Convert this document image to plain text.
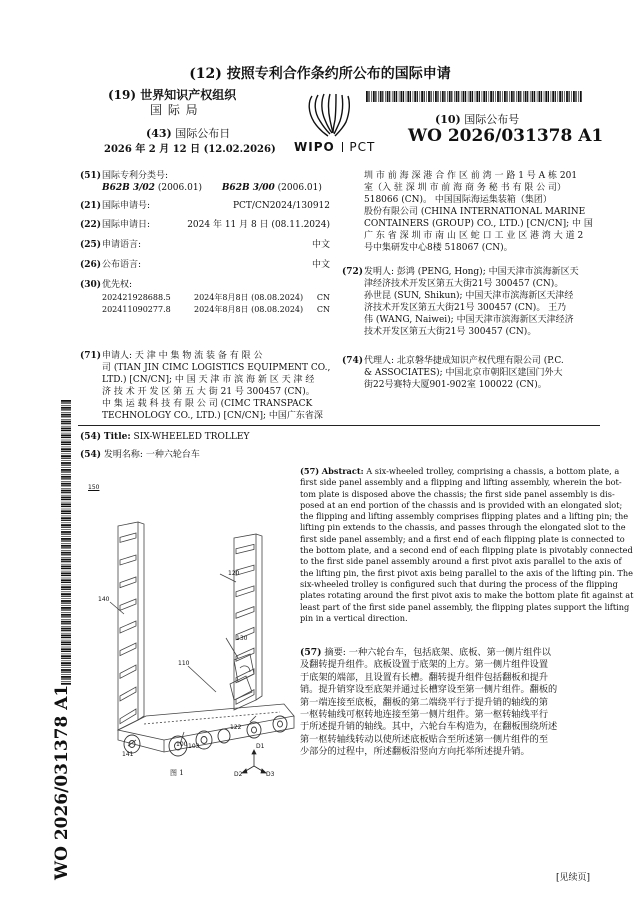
(12) 按照专利合作条约所公布的国际申请
(19) 世界知识产权组织
国 际 局
(43) 国际公布日
2026 年 2 月 12 日 (12.02.2026) WIPO PCT
(10) 国际公布号
WO 2026/031378 A1
(51) 国际专利分类号:
B62B 3/02 (2006.01) B62B 3/00 (2006.01)
(21) 国际申请号:	PCT/CN2024/130912
(22) 国际申请日:	2024 年 11 月 8 日 (08.11.2024)
(25) 申请语言:	中文
(26) 公布语言:	中文
(30) 优先权:
202421928688.5	2024年8月8日 (08.08.2024) CN
202411090277.8	2024年8月8日 (08.08.2024) CN
(71) 申请人: 天 津 中 集 物 流 装 备 有 限 公
司 (TIAN JIN CIMC LOGISTICS EQUIPMENT CO.,
LTD.) [CN/CN]; 中 国 天 津 市 滨 海 新 区 天 津 经
济 技 术 开 发 区 第 五 大 街 21 号 300457 (CN)。
中 集 运 载 科 技 有 限 公 司 (CIMC TRANSPACK
TECHNOLOGY CO., LTD.) [CN/CN]; 中国广东省深
圳 市 前 海 深 港 合 作 区 前 湾 一 路 1 号 A 栋 201
室（入 驻 深 圳 市 前 海 商 务 秘 书 有 限 公 司）
518066 (CN)。 中国国际海运集装箱（集团）
股份有限公司 (CHINA INTERNATIONAL MARINE
CONTAINERS (GROUP) CO., LTD.) [CN/CN]; 中 国
广 东 省 深 圳 市 南 山 区 蛇 口 工 业 区 港 湾 大 道 2
号中集研发中心8楼 518067 (CN)。
(72) 发明人: 彭鸿 (PENG, Hong); 中国天津市滨海新区天
津经济技术开发区第五大街21号 300457 (CN)。
孙世昆 (SUN, Shikun); 中国天津市滨海新区天津经
济技术开发区第五大街21号 300457 (CN)。 王乃
伟 (WANG, Naiwei); 中国天津市滨海新区天津经济
技术开发区第五大街21号 300457 (CN)。
(74) 代理人: 北京磐华捷成知识产权代理有限公司 (P.C.
& ASSOCIATES); 中国北京市朝阳区建国门外大
街22号赛特大厦901-902室 100022 (CN)。
WO 2026/031378 A1
(54) Title: SIX-WHEELED TROLLEY
(54) 发明名称: 一种六轮台车
150
120
140
130
110
141
100 103
122
D1
D2	D3
图 1
(57) Abstract: A six-wheeled trolley, comprising a chassis, a bottom plate, a
first side panel assembly and a flipping and lifting assembly, wherein the bot-
tom plate is disposed above the chassis; the first side panel assembly is dis-
posed at an end portion of the chassis and is provided with an elongated slot;
the flipping and lifting assembly comprises flipping plates and a lifting pin; the
lifting pin extends to the chassis, and passes through the elongated slot to the
first side panel assembly; and a first end of each flipping plate is connected to
the bottom plate, and a second end of each flipping plate is pivotably connected
to the first side panel assembly around a first pivot axis parallel to the axis of
the lifting pin, the first pivot axis being parallel to the axis of the lifting pin. The
six-wheeled trolley is configured such that during the process of the flipping
plates rotating around the first pivot axis to make the bottom plate fit against at
least part of the first side panel assembly, the flipping plates support the lifting
pin in a vertical direction.
(57) 摘要: 一种六轮台车，包括底架、底板、第一侧片组件以
及翻转提升组件。底板设置于底架的上方。第一侧片组件设置
于底架的端部，且设置有长槽。翻转提升组件包括翻板和提升
销。提升销穿设至底架并通过长槽穿设至第一侧片组件。翻板的
第一端连接至底板，翻板的第二端绕平行于提升销的轴线的第
一枢转轴线可枢转地连接至第一侧片组件。第一枢转轴线平行
于所述提升销的轴线。其中，六轮台车构造为，在翻板围绕所述
第一枢转轴线转动以使所述底板贴合至所述第一侧片组件的至
少部分的过程中，所述翻板沿竖向方向托举所述提升销。
[见续页]
